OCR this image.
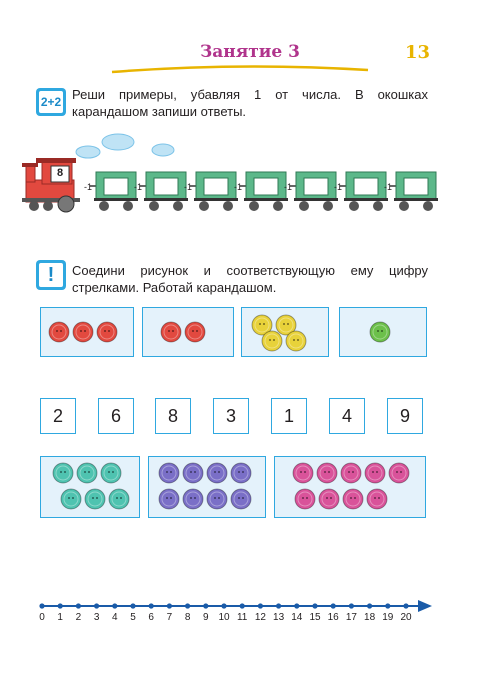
Занятие 3	13
2+2 Реши примеры, убавляя 1 от числа. В окошках карандашом запиши ответы.
8
-1	-1	-1	-1	-1	-1	-1
!	Соедини рисунок и соответствующую ему цифру стрелками. Работай карандашом.
2	6	8	3	1	4	9
0	1	2	3	4	5	6	7	8	9 10 11 12 13 14 15 16 17 18 19 20
